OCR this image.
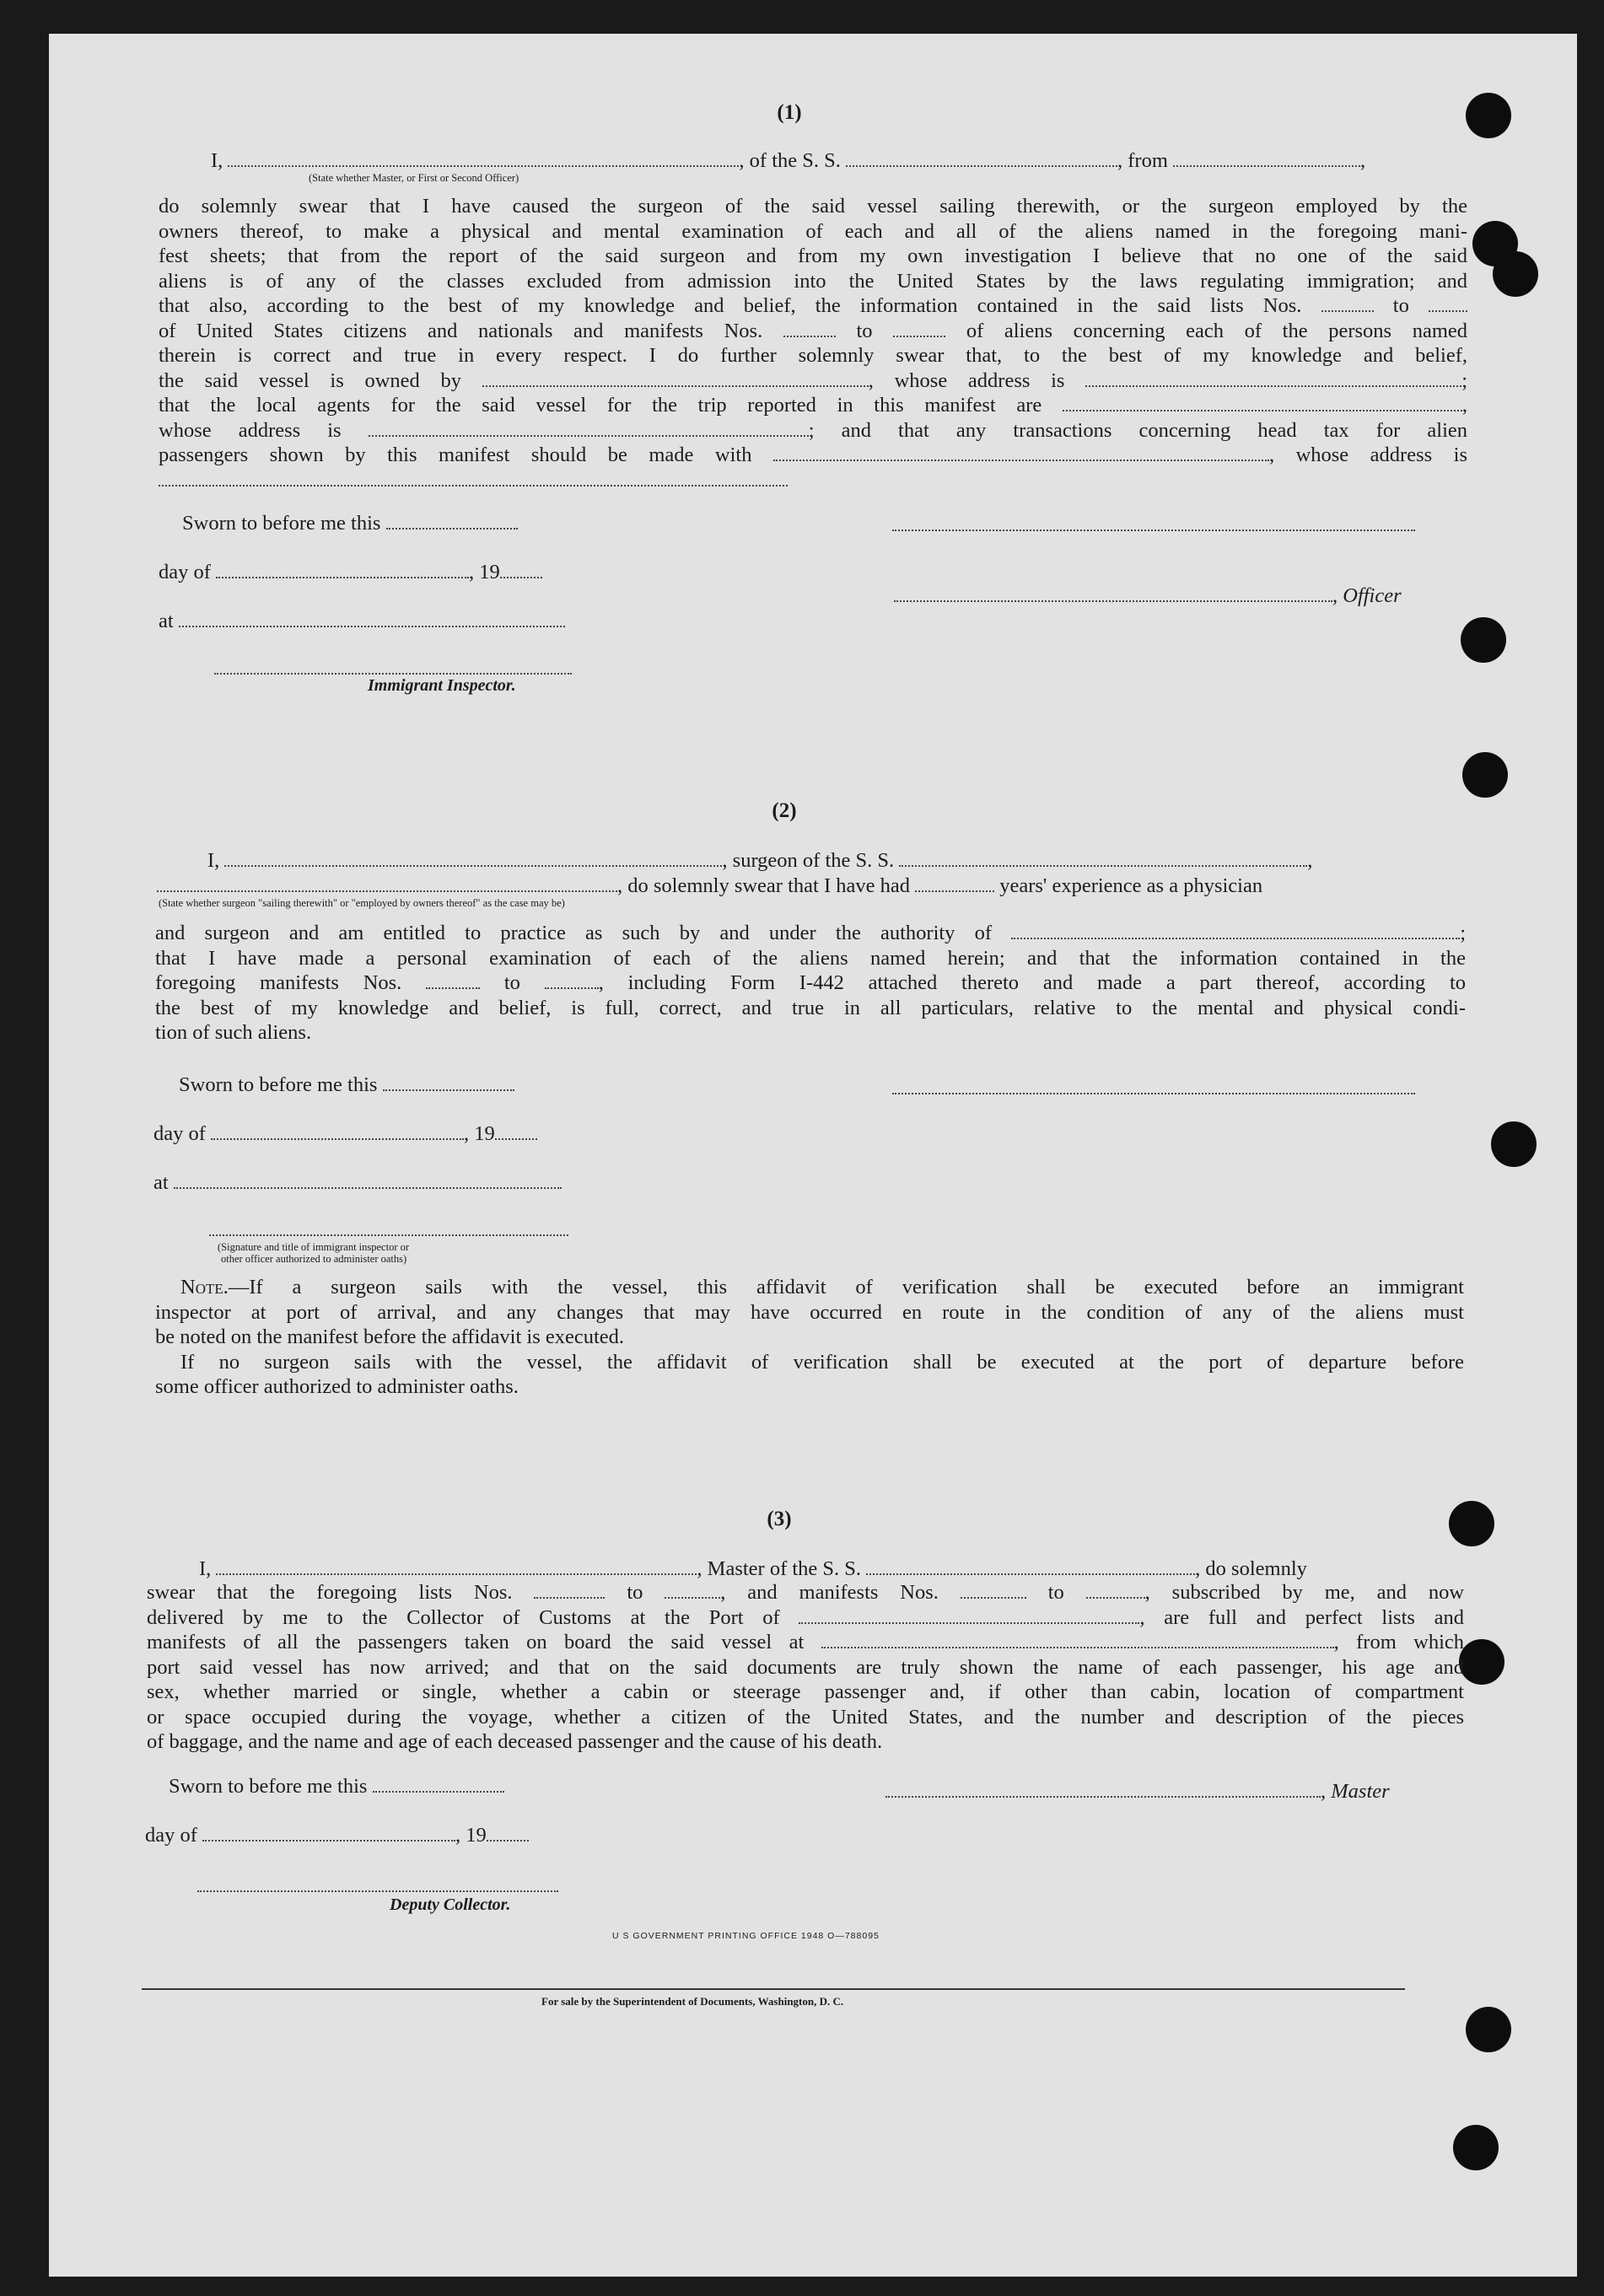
(1)
I,	, of the S. S.	, from	,
(State whether Master, or First or Second Officer)
do solemnly swear that I have caused the surgeon of the said vessel sailing therewith, or the surgeon employed by the
owners thereof, to make a physical and mental examination of each and all of the aliens named in the foregoing mani-
fest sheets; that from the report of the said surgeon and from my own investigation I believe that no one of the said
aliens is of any of the classes excluded from admission into the United States by the laws regulating immigration; and
that also, according to the best of my knowledge and belief, the information contained in the said lists Nos.	to
of United States citizens and nationals and manifests Nos.	to	of aliens concerning each of the persons named
therein is correct and true in every respect. I do further solemnly swear that, to the best of my knowledge and belief,
the said vessel is owned by	, whose address is	;
that the local agents for the said vessel for the trip reported in this manifest are	,
whose address is	; and that any transactions concerning head tax for alien
passengers shown by this manifest should be made with	, whose address is
Sworn to before me this
day of	, 19
, Officer
at
Immigrant Inspector.
(2)
I,	, surgeon of the S. S.	,
, do solemnly swear that I have had	years' experience as a physician
(State whether surgeon "sailing therewith" or "employed by owners thereof" as the case may be)
and surgeon and am entitled to practice as such by and under the authority of	;
that I have made a personal examination of each of the aliens named herein; and that the information contained in the
foregoing manifests Nos.	to	, including Form I-442 attached thereto and made a part thereof, according to
the best of my knowledge and belief, is full, correct, and true in all particulars, relative to the mental and physical condi-
tion of such aliens.
Sworn to before me this
day of	, 19
at
(Signature and title of immigrant inspector or
other officer authorized to administer oaths)
Note.—If a surgeon sails with the vessel, this affidavit of verification shall be executed before an immigrant
inspector at port of arrival, and any changes that may have occurred en route in the condition of any of the aliens must
be noted on the manifest before the affidavit is executed.
If no surgeon sails with the vessel, the affidavit of verification shall be executed at the port of departure before
some officer authorized to administer oaths.
(3)
I,	, Master of the S. S.	, do solemnly
swear that the foregoing lists Nos.	to	, and manifests Nos.	to	, subscribed by me, and now
delivered by me to the Collector of Customs at the Port of	, are full and perfect lists and
manifests of all the passengers taken on board the said vessel at	, from which
port said vessel has now arrived; and that on the said documents are truly shown the name of each passenger, his age and
sex, whether married or single, whether a cabin or steerage passenger and, if other than cabin, location of compartment
or space occupied during the voyage, whether a citizen of the United States, and the number and description of the pieces
of baggage, and the name and age of each deceased passenger and the cause of his death.
Sworn to before me this	, Master
day of	, 19
Deputy Collector.
U S GOVERNMENT PRINTING OFFICE 1948 O—788095
For sale by the Superintendent of Documents, Washington, D. C.
